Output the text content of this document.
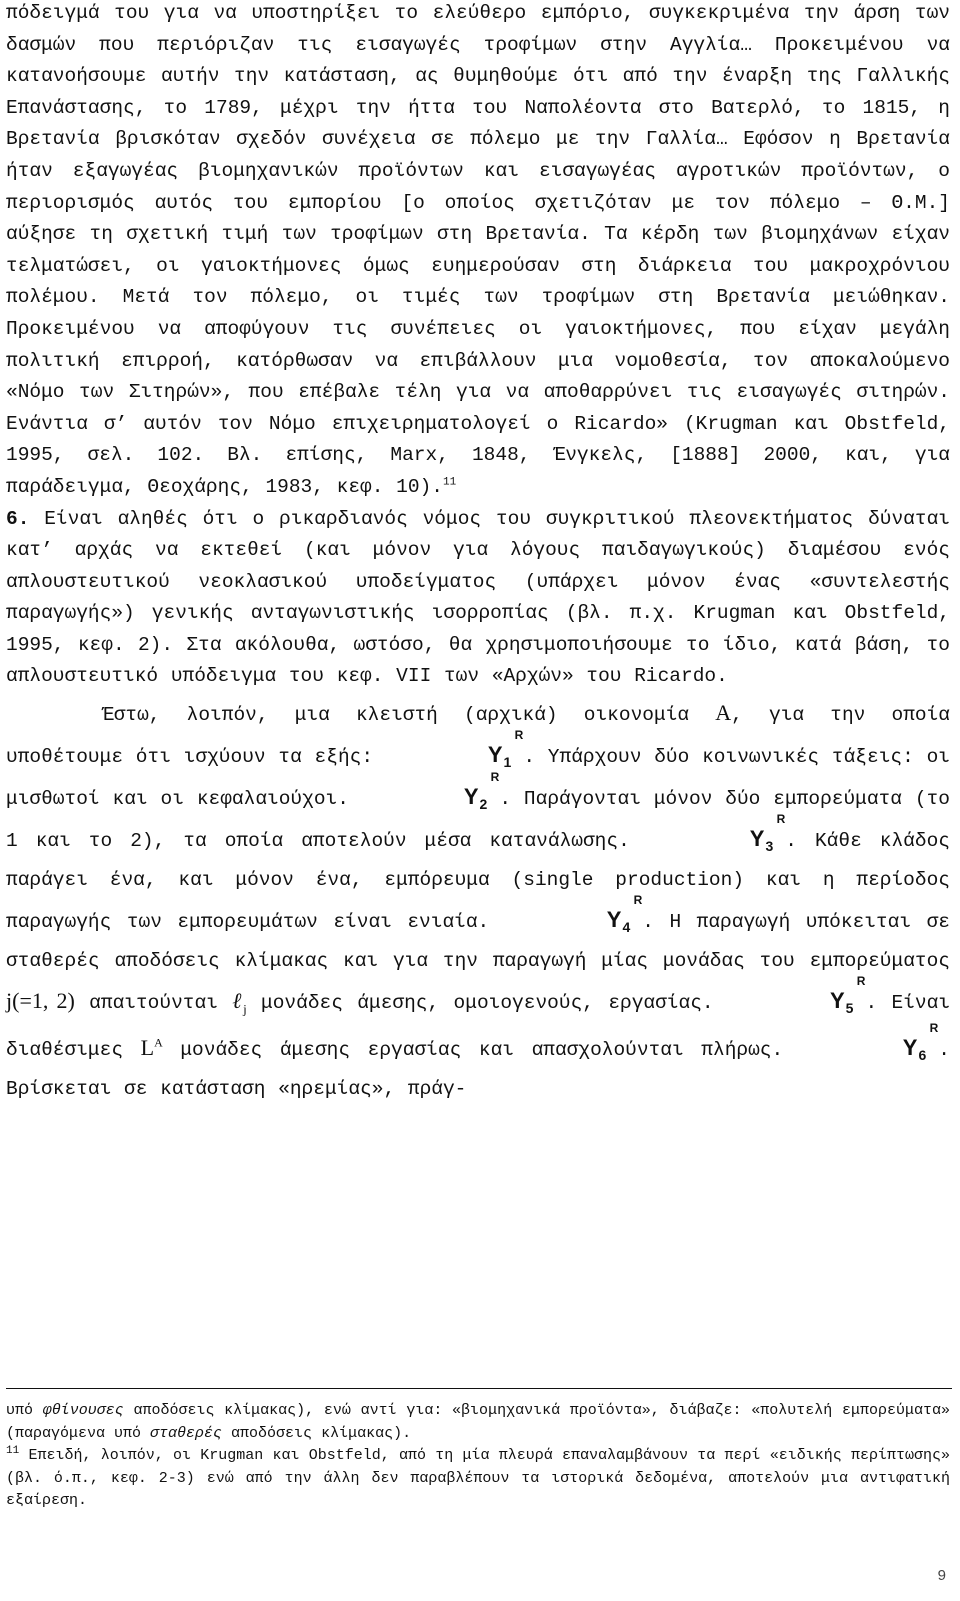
πόδειγμά του για να υποστηρίξει το ελεύθερο εμπόριο, συγκεκριμένα την άρση των δασμών που περιόριζαν τις εισαγωγές τροφίμων στην Αγγλία… Προκειμένου να κατανοήσουμε αυτήν την κατάσταση, ας θυμηθούμε ότι από την έναρξη της Γαλλικής Επανάστασης, το 1789, μέχρι την ήττα του Ναπολέοντα στο Βατερλό, το 1815, η Βρετανία βρισκόταν σχεδόν συνέχεια σε πόλεμο με την Γαλλία… Εφόσον η Βρετανία ήταν εξαγωγέας βιομηχανικών προϊόντων και εισαγωγέας αγροτικών προϊόντων, ο περιορισμός αυτός του εμπορίου [ο οποίος σχετιζόταν με τον πόλεμο – Θ.Μ.] αύξησε τη σχετική τιμή των τροφίμων στη Βρετανία. Τα κέρδη των βιομηχάνων είχαν τελματώσει, οι γαιοκτήμονες όμως ευημερούσαν στη διάρκεια του μακροχρόνιου πολέμου. Μετά τον πόλεμο, οι τιμές των τροφίμων στη Βρετανία μειώθηκαν. Προκειμένου να αποφύγουν τις συνέπειες οι γαιοκτήμονες, που είχαν μεγάλη πολιτική επιρροή, κατόρθωσαν να επιβάλλουν μια νομοθεσία, τον αποκαλούμενο «Νόμο των Σιτηρών», που επέβαλε τέλη για να αποθαρρύνει τις εισαγωγές σιτηρών. Ενάντια σ’ αυτόν τον Νόμο επιχειρηματολογεί ο Ricardo» (Krugman και Obstfeld, 1995, σελ. 102. Βλ. επίσης, Marx, 1848, Ένγκελς, [1888] 2000, και, για παράδειγμα, Θεοχάρης, 1983, κεφ. 10).$^{11}$

6. Είναι αληθές ότι ο ρικαρδιανός νόμος του συγκριτικού πλεονεκτήματος δύναται κατ’ αρχάς να εκτεθεί (και μόνον για λόγους παιδαγωγικούς) διαμέσου ενός απλουστευτικού νεοκλασικού υποδείγματος (υπάρχει μόνον ένας «συντελεστής παραγωγής») γενικής ανταγωνιστικής ισορροπίας (βλ. π.χ. Krugman και Obstfeld, 1995, κεφ. 2). Στα ακόλουθα, ωστόσο, θα χρησιμοποιήσουμε το ίδιο, κατά βάση, το απλουστευτικό υπόδειγμα του κεφ. VII των «Αρχών» του Ricardo.

Έστω, λοιπόν, μια κλειστή (αρχικά) οικονομία A, για την οποία υποθέτουμε ότι ισχύουν τα εξής:	$Y_1$
R
. Υπάρχουν δύο κοινωνικές τάξεις: οι μισθωτοί και οι κεφαλαιούχοι.	$Y_2$
R
. Παράγονται μόνον δύο εμπορεύματα (το 1 και το 2), τα οποία αποτελούν μέσα κατανάλωσης.	$Y_3$
R
. Κάθε κλάδος παράγει ένα, και μόνον ένα, εμπόρευμα (single production) και η περίοδος παραγωγής των εμπορευμάτων είναι ενιαία.	$Y_4$
R
. Η παραγωγή υπόκειται σε σταθερές αποδόσεις κλίμακας και για την παραγωγή μίας μονάδας του εμπορεύματος j(=1, 2) απαιτούνται ℓ$_j$ μονάδες άμεσης, ομοιογενούς, εργασίας.	$Y_5$
R
. Είναι διαθέσιμες $L^A$ μονάδες άμεσης εργασίας και απασχολούνται πλήρως.	$Y_6$
R
. Βρίσκεται σε κατάσταση «ηρεμίας», πράγ-

υπό φθίνουσες αποδόσεις κλίμακας), ενώ αντί για: «βιομηχανικά προϊόντα», διάβαζε: «πολυτελή εμπορεύματα» (παραγόμενα υπό σταθερές αποδόσεις κλίμακας).

$^{11}$ Επειδή, λοιπόν, οι Krugman και Obstfeld, από τη μία πλευρά επαναλαμβάνουν τα περί «ειδικής περίπτωσης» (βλ. ό.π., κεφ. 2-3) ενώ από την άλλη δεν παραβλέπουν τα ιστορικά δεδομένα, αποτελούν μια αντιφατική εξαίρεση.

9
